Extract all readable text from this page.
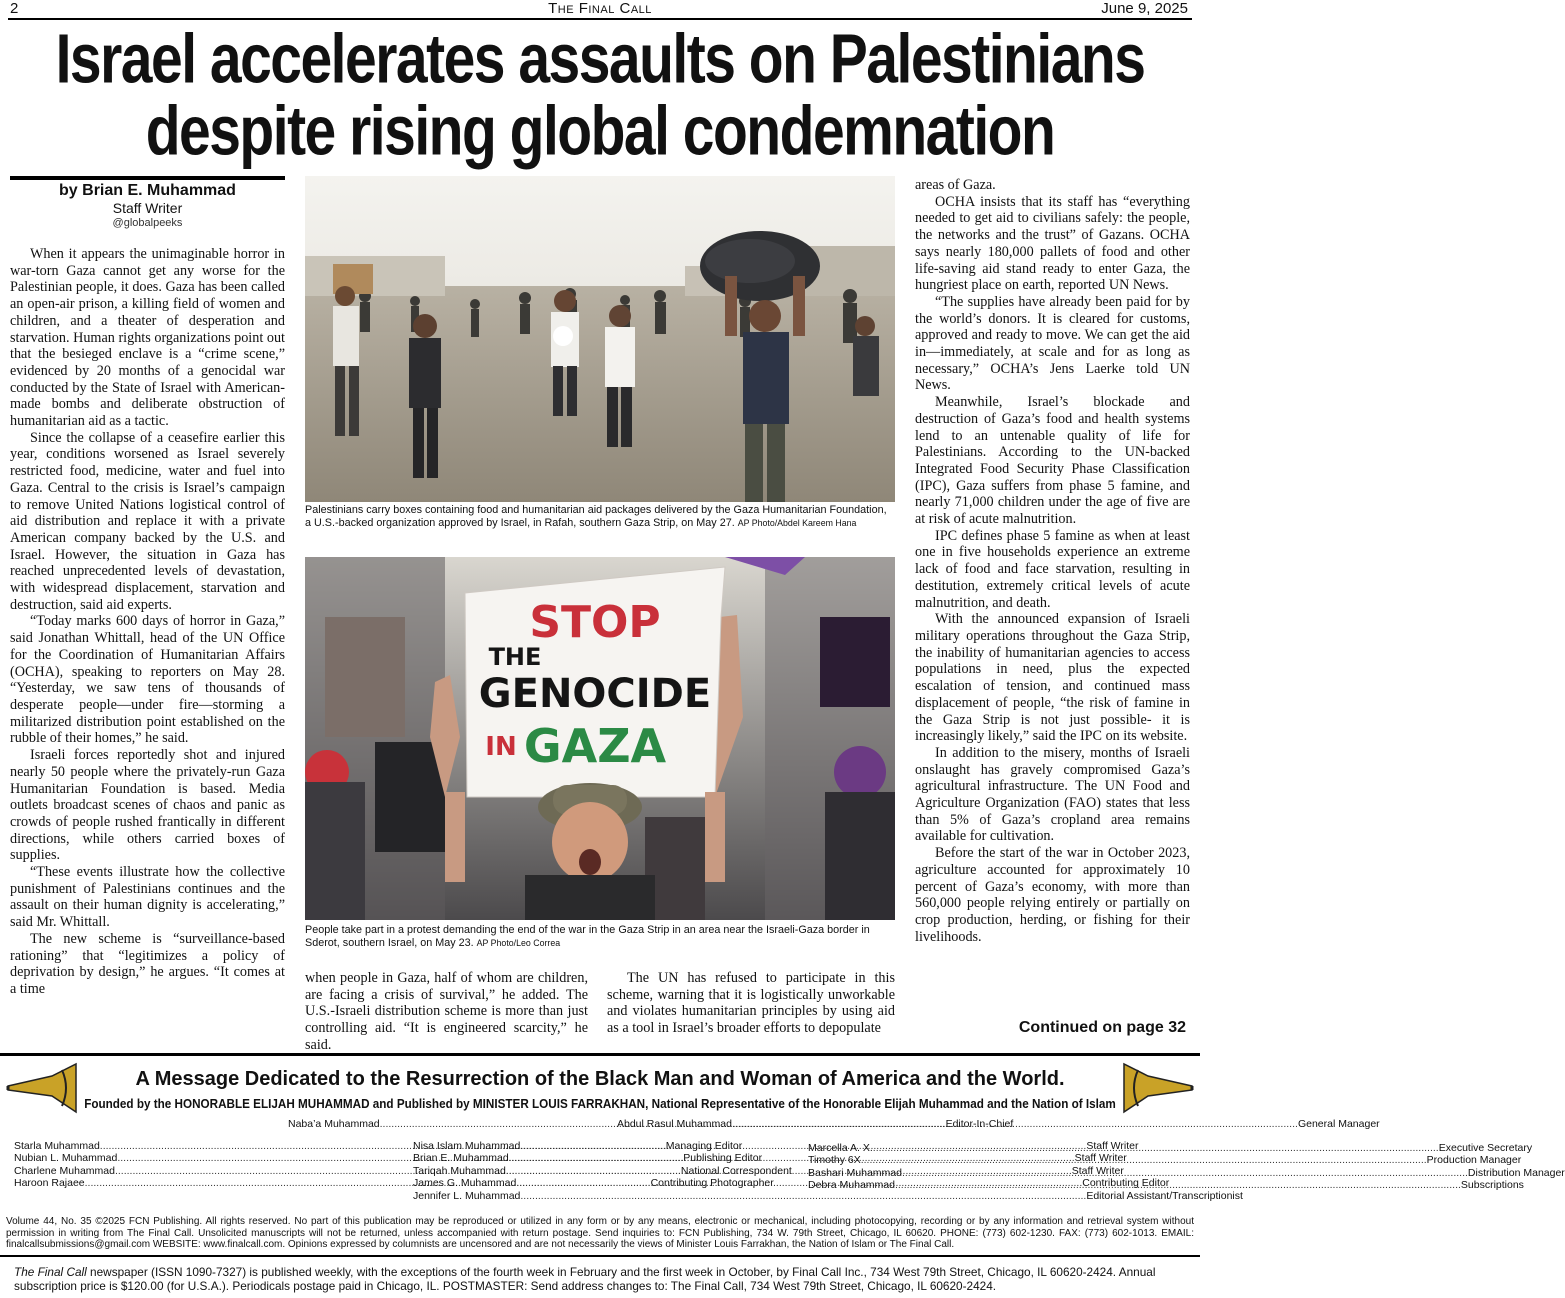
The Final Call
2	June 9, 2025
Israel accelerates assaults on Palestinians
despite rising global condemnation
by Brian E. Muhammad
Staff Writer
@globalpeeks

When it appears the unimaginable horror in war-torn Gaza cannot get any worse for the Palestinian people, it does. Gaza has been called an open-air prison, a killing field of women and children, and a theater of desperation and starvation. Human rights organizations point out that the besieged enclave is a “crime scene,” evidenced by 20 months of a genocidal war conducted by the State of Israel with American-made bombs and deliberate obstruction of humanitarian aid as a tactic.

Since the collapse of a ceasefire earlier this year, conditions worsened as Israel severely restricted food, medicine, water and fuel into Gaza. Central to the crisis is Israel’s campaign to remove United Nations logistical control of aid distribution and replace it with a private American company backed by the U.S. and Israel. However, the situation in Gaza has reached unprecedented levels of devastation, with widespread displacement, starvation and destruction, said aid experts.

“Today marks 600 days of horror in Gaza,” said Jonathan Whittall, head of the UN Office for the Coordination of Humanitarian Affairs (OCHA), speaking to reporters on May 28. “Yesterday, we saw tens of thousands of desperate people—under fire—storming a militarized distribution point established on the rubble of their homes,” he said.

Israeli forces reportedly shot and injured nearly 50 people where the privately-run Gaza Humanitarian Foundation is based. Media outlets broadcast scenes of chaos and panic as crowds of people rushed frantically in different directions, while others carried boxes of supplies.

“These events illustrate how the collective punishment of Palestinians continues and the assault on their human dignity is accelerating,” said Mr. Whittall.

The new scheme is “surveillance-based rationing” that “legitimizes a policy of deprivation by design,” he argues. “It comes at a time

Palestinians carry boxes containing food and humanitarian aid packages delivered by the Gaza Humanitarian Foundation, a U.S.-backed organization approved by Israel, in Rafah, southern Gaza Strip, on May 27. AP Photo/Abdel Kareem Hana
STOP
THE
GENOCIDE
IN GAZA
People take part in a protest demanding the end of the war in the Gaza Strip in an area near the Israeli-Gaza border in Sderot, southern Israel, on May 23. AP Photo/Leo Correa

when people in Gaza, half of whom are children, are facing a crisis of survival,” he added. The U.S.-Israeli distribution scheme is more than just controlling aid. “It is engineered scarcity,” he said.

The UN has refused to participate in this scheme, warning that it is logistically unworkable and violates humanitarian principles by using aid as a tool in Israel’s broader efforts to depopulate

areas of Gaza.

OCHA insists that its staff has “everything needed to get aid to civilians safely: the people, the networks and the trust” of Gazans. OCHA says nearly 180,000 pallets of food and other life-saving aid stand ready to enter Gaza, the hungriest place on earth, reported UN News.

“The supplies have already been paid for by the world’s donors. It is cleared for customs, approved and ready to move. We can get the aid in—immediately, at scale and for as long as necessary,” OCHA’s Jens Laerke told UN News.

Meanwhile, Israel’s blockade and destruction of Gaza’s food and health systems lend to an untenable quality of life for Palestinians. According to the UN-backed Integrated Food Security Phase Classification (IPC), Gaza suffers from phase 5 famine, and nearly 71,000 children under the age of five are at risk of acute malnutrition.

IPC defines phase 5 famine as when at least one in five households experience an extreme lack of food and face starvation, resulting in destitution, extremely critical levels of acute malnutrition, and death.

With the announced expansion of Israeli military operations throughout the Gaza Strip, the inability of humanitarian agencies to access populations in need, plus the expected escalation of tension, and continued mass displacement of people, “the risk of famine in the Gaza Strip is not just possible- it is increasingly likely,” said the IPC on its website.

In addition to the misery, months of Israeli onslaught has gravely compromised Gaza’s agricultural infrastructure. The UN Food and Agriculture Organization (FAO) states that less than 5% of Gaza’s cropland area remains available for cultivation.

Before the start of the war in October 2023, agriculture accounted for approximately 10 percent of Gaza’s economy, with more than 560,000 people relying entirely or partially on crop production, herding, or fishing for their livelihoods.

Continued on page 32
A Message Dedicated to the Resurrection of the Black Man and Woman of America and the World.
Founded by the HONORABLE ELIJAH MUHAMMAD and Published by MINISTER LOUIS FARRAKHAN, National Representative of the Honorable Elijah Muhammad and the Nation of Islam
Naba’a Muhammad .....	Editor-In-Chief
Abdul Rasul Muhammad .....	General Manager
Starla Muhammad .....	Managing Editor
Nubian L. Muhammad .....	Publishing Editor
Charlene Muhammad .....	National Correspondent
Haroon Rajaee .....	Contributing Photographer
Nisa Islam Muhammad .....	Staff Writer
Brian E. Muhammad .....	Staff Writer
Tariqah Muhammad .....	Staff Writer
James G. Muhammad .....	Contributing Editor
Jennifer L. Muhammad .....	Editorial Assistant/Transcriptionist
Marcella A. X. .....	Executive Secretary
Timothy 6X .....	Production Manager
Bashari Muhammad .....	Distribution Manager
Debra Muhammad .....	Subscriptions
Volume 44, No. 35 ©2025 FCN Publishing. All rights reserved. No part of this publication may be reproduced or utilized in any form or by any means, electronic or mechanical, including photocopying, recording or by any information and retrieval system without permission in writing from The Final Call. Unsolicited manuscripts will not be returned, unless accompanied with return postage. Send inquiries to: FCN Publishing, 734 W. 79th Street, Chicago, IL 60620. PHONE: (773) 602-1230. FAX: (773) 602-1013. EMAIL: finalcallsubmissions@gmail.com WEBSITE: www.finalcall.com. Opinions expressed by columnists are uncensored and are not necessarily the views of Minister Louis Farrakhan, the Nation of Islam or The Final Call.
The Final Call newspaper (ISSN 1090-7327) is published weekly, with the exceptions of the fourth week in February and the first week in October, by Final Call Inc., 734 West 79th Street, Chicago, IL 60620-2424. Annual subscription price is $120.00 (for U.S.A.). Periodicals postage paid in Chicago, IL. POSTMASTER: Send address changes to: The Final Call, 734 West 79th Street, Chicago, IL 60620-2424.
